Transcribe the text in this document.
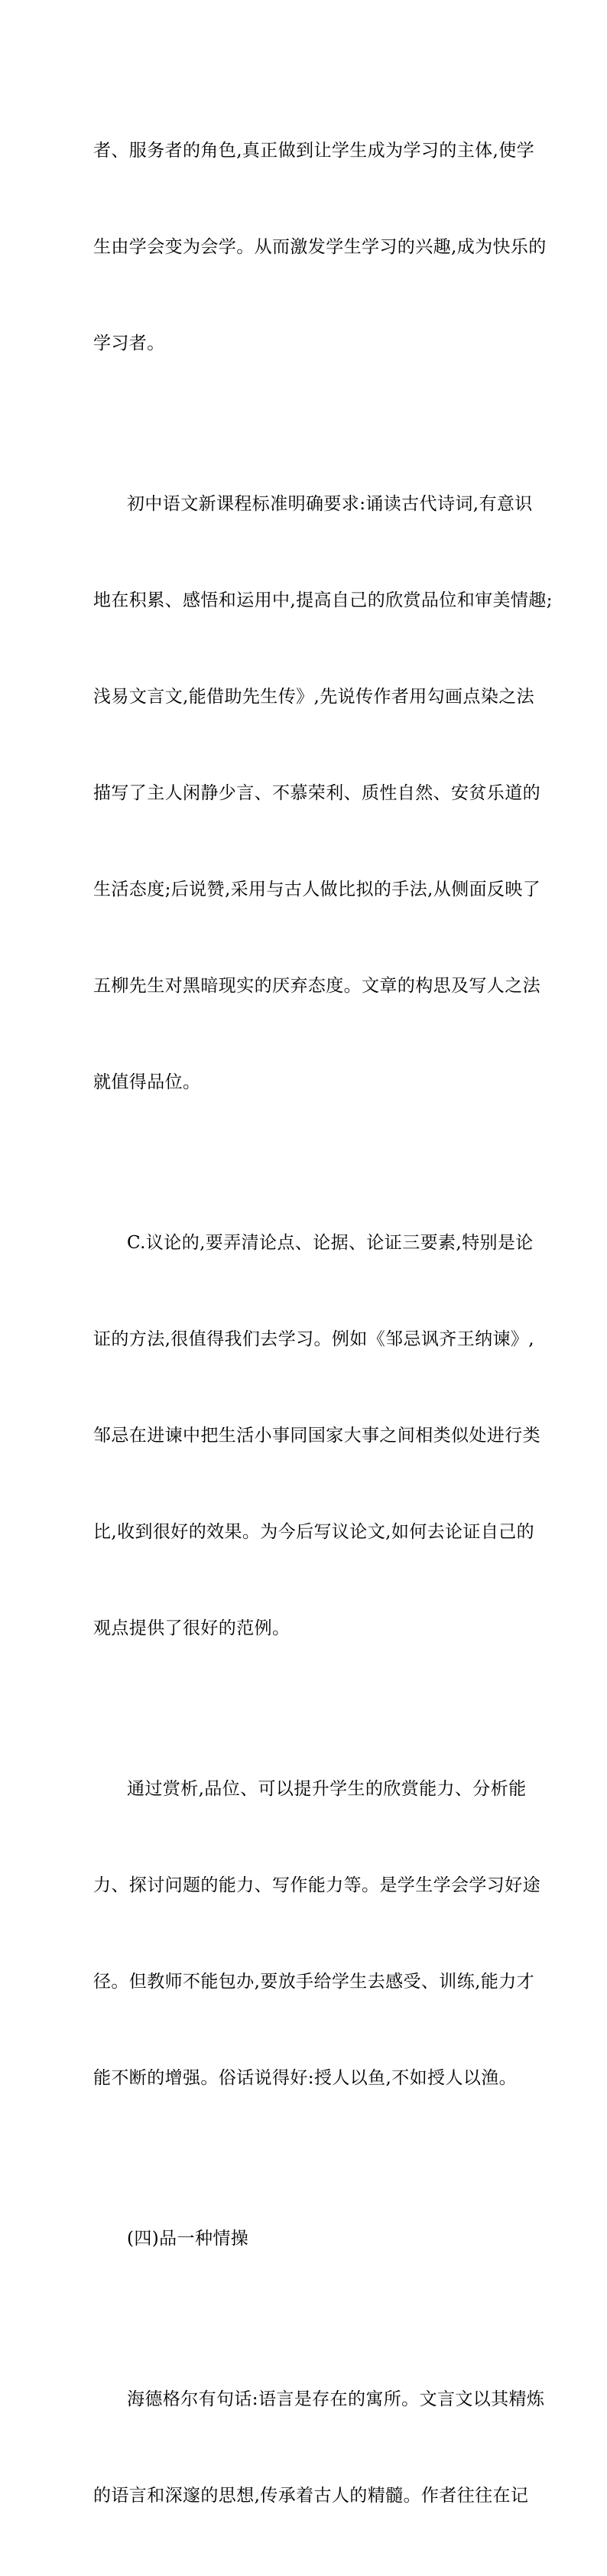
者、服务者的角色,真正做到让学生成为学习的主体,使学

生由学会变为会学。从而激发学生学习的兴趣,成为快乐的

学习者。

初中语文新课程标准明确要求:诵读古代诗词,有意识

地在积累、感悟和运用中,提高自己的欣赏品位和审美情趣;

浅易文言文,能借助先生传》,先说传作者用勾画点染之法

描写了主人闲静少言、不慕荣利、质性自然、安贫乐道的

生活态度;后说赞,采用与古人做比拟的手法,从侧面反映了

五柳先生对黑暗现实的厌弃态度。文章的构思及写人之法

就值得品位。

C.议论的,要弄清论点、论据、论证三要素,特别是论

证的方法,很值得我们去学习。例如《邹忌讽齐王纳谏》,

邹忌在进谏中把生活小事同国家大事之间相类似处进行类

比,收到很好的效果。为今后写议论文,如何去论证自己的

观点提供了很好的范例。

通过赏析,品位、可以提升学生的欣赏能力、分析能

力、探讨问题的能力、写作能力等。是学生学会学习好途

径。但教师不能包办,要放手给学生去感受、训练,能力才

能不断的增强。俗话说得好:授人以鱼,不如授人以渔。

(四)品一种情操

海德格尔有句话:语言是存在的寓所。文言文以其精炼

的语言和深邃的思想,传承着古人的精髓。作者往往在记
